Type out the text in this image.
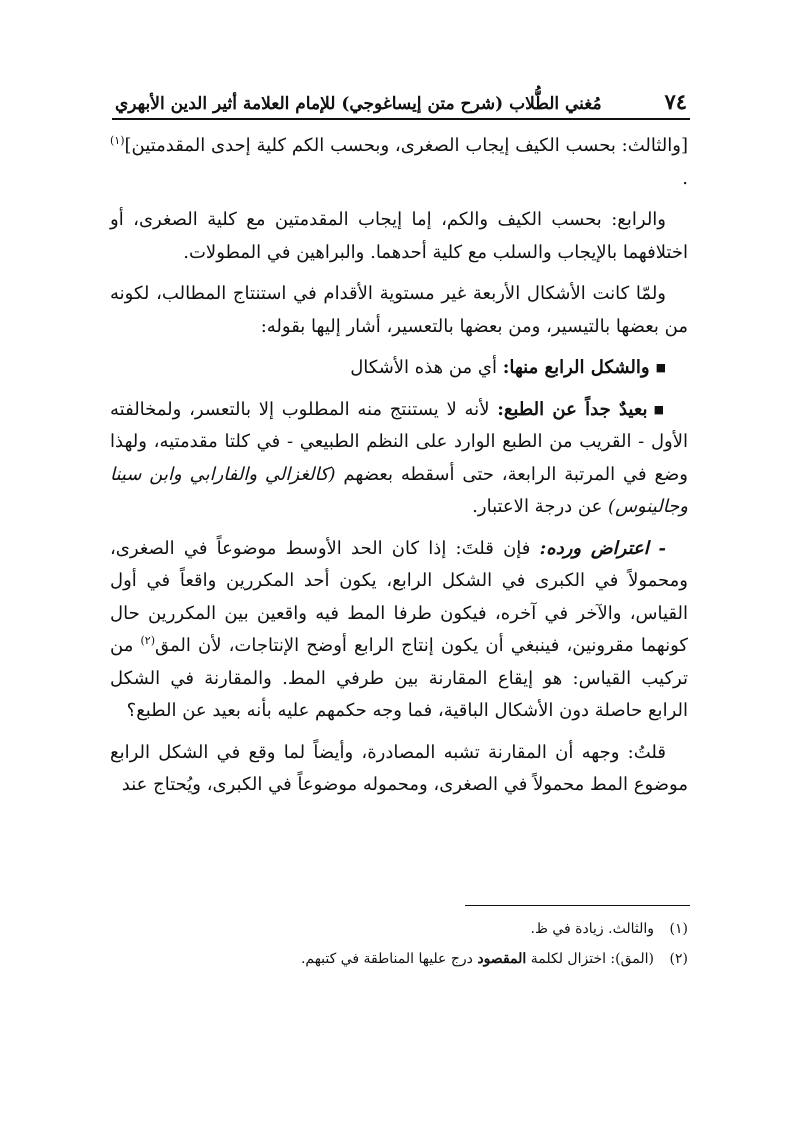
٧٤
مُغني الطُّلاب (شرح متن إيساغوجي) للإمام العلامة أثير الدين الأبهري

[والثالث: بحسب الكيف إيجاب الصغرى، وبحسب الكم كلية إحدى المقدمتين]$^{(١)}$ .

والرابع: بحسب الكيف والكم، إما إيجاب المقدمتين مع كلية الصغرى، أو اختلافهما بالإيجاب والسلب مع كلية أحدهما. والبراهين في المطولات.

ولمّا كانت الأشكال الأربعة غير مستوية الأقدام في استنتاج المطالب، لكونه من بعضها بالتيسير، ومن بعضها بالتعسير، أشار إليها بقوله:

■والشكل الرابع منها: أي من هذه الأشكال

■بعيدٌ جداً عن الطبع: لأنه لا يستنتج منه المطلوب إلا بالتعسر، ولمخالفته الأول - القريب من الطبع الوارد على النظم الطبيعي - في كلتا مقدمتيه، ولهذا وضع في المرتبة الرابعة، حتى أسقطه بعضهم (كالغزالي والفارابي وابن سينا وجالينوس) عن درجة الاعتبار.

- اعتراض ورده: فإن قلتَ: إذا كان الحد الأوسط موضوعاً في الصغرى، ومحمولاً في الكبرى في الشكل الرابع، يكون أحد المكررين واقعاً في أول القياس، والآخر في آخره، فيكون طرفا المط فيه واقعين بين المكررين حال كونهما مقرونين، فينبغي أن يكون إنتاج الرابع أوضح الإنتاجات، لأن المق$^{(٢)}$ من تركيب القياس: هو إيقاع المقارنة بين طرفي المط. والمقارنة في الشكل الرابع حاصلة دون الأشكال الباقية، فما وجه حكمهم عليه بأنه بعيد عن الطبع؟

قلتُ: وجهه أن المقارنة تشبه المصادرة، وأيضاً لما وقع في الشكل الرابع موضوع المط محمولاً في الصغرى، ومحموله موضوعاً في الكبرى، ويُحتاج عند

(١)
والثالث. زيادة في ظ.
(٢)
(المق): اختزال لكلمة المقصود درج عليها المناطقة في كتبهم.
